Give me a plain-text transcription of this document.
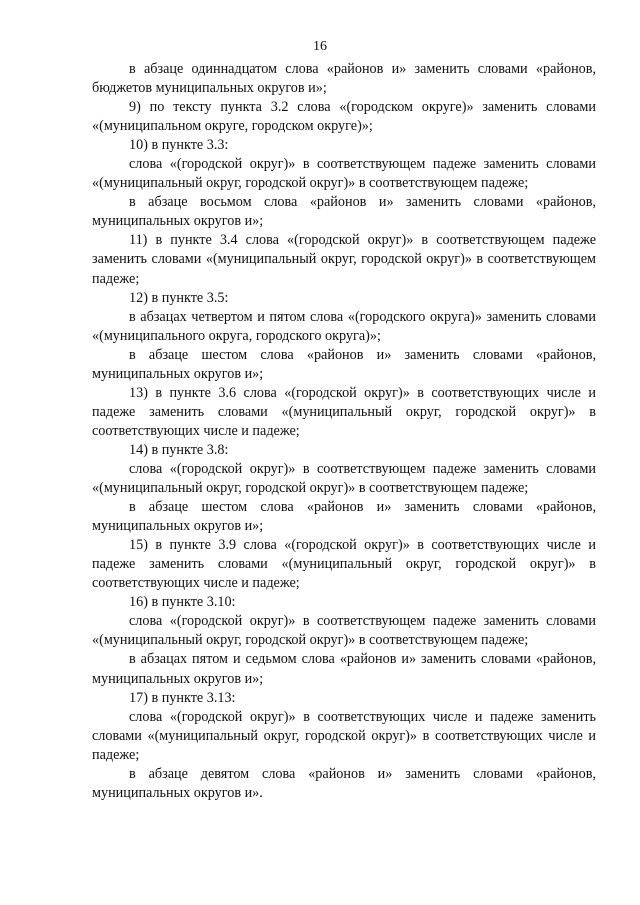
16

в абзаце одиннадцатом слова «районов и» заменить словами «районов, бюджетов муниципальных округов и»;

9) по тексту пункта 3.2 слова «(городском округе)» заменить словами «(муниципальном округе, городском округе)»;

10) в пункте 3.3:

слова «(городской округ)» в соответствующем падеже заменить словами «(муниципальный округ, городской округ)» в соответствующем падеже;

в абзаце восьмом слова «районов и» заменить словами «районов, муниципальных округов и»;

11) в пункте 3.4 слова «(городской округ)» в соответствующем падеже заменить словами «(муниципальный округ, городской округ)» в соответствующем падеже;

12) в пункте 3.5:

в абзацах четвертом и пятом слова «(городского округа)» заменить словами «(муниципального округа, городского округа)»;

в абзаце шестом слова «районов и» заменить словами «районов, муниципальных округов и»;

13) в пункте 3.6 слова «(городской округ)» в соответствующих числе и падеже заменить словами «(муниципальный округ, городской округ)» в соответствующих числе и падеже;

14) в пункте 3.8:

слова «(городской округ)» в соответствующем падеже заменить словами «(муниципальный округ, городской округ)» в соответствующем падеже;

в абзаце шестом слова «районов и» заменить словами «районов, муниципальных округов и»;

15) в пункте 3.9 слова «(городской округ)» в соответствующих числе и падеже заменить словами «(муниципальный округ, городской округ)» в соответствующих числе и падеже;

16) в пункте 3.10:

слова «(городской округ)» в соответствующем падеже заменить словами «(муниципальный округ, городской округ)» в соответствующем падеже;

в абзацах пятом и седьмом слова «районов и» заменить словами «районов, муниципальных округов и»;

17) в пункте 3.13:

слова «(городской округ)» в соответствующих числе и падеже заменить словами «(муниципальный округ, городской округ)» в соответствующих числе и падеже;

в абзаце девятом слова «районов и» заменить словами «районов, муниципальных округов и».
